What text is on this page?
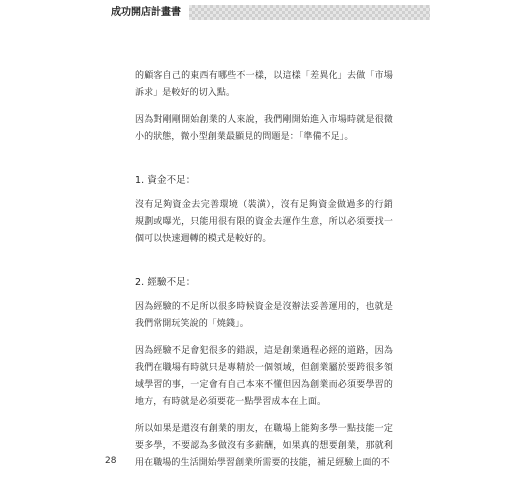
成功開店計畫書

的顧客自己的東西有哪些不一樣，以這樣「差異化」去做「市場訴求」是較好的切入點。

因為對剛剛開始創業的人來說，我們剛開始進入市場時就是很微小的狀態，微小型創業最顯見的問題是：「準備不足」。

1. 資金不足：

沒有足夠資金去完善環境（裝潢），沒有足夠資金做過多的行銷規劃或曝光，只能用很有限的資金去運作生意，所以必須要找一個可以快速週轉的模式是較好的。

2. 經驗不足：

因為經驗的不足所以很多時候資金是沒辦法妥善運用的，也就是我們常開玩笑說的「燒錢」。

因為經驗不足會犯很多的錯誤，這是創業過程必經的道路，因為我們在職場有時就只是專精於一個領域，但創業屬於要跨很多領域學習的事，一定會有自己本來不懂但因為創業而必須要學習的地方，有時就是必須要花一點學習成本在上面。

所以如果是還沒有創業的朋友，在職場上能夠多學一點技能一定要多學，不要認為多做沒有多薪酬，如果真的想要創業，那就利用在職場的生活開始學習創業所需要的技能，補足經驗上面的不

28
